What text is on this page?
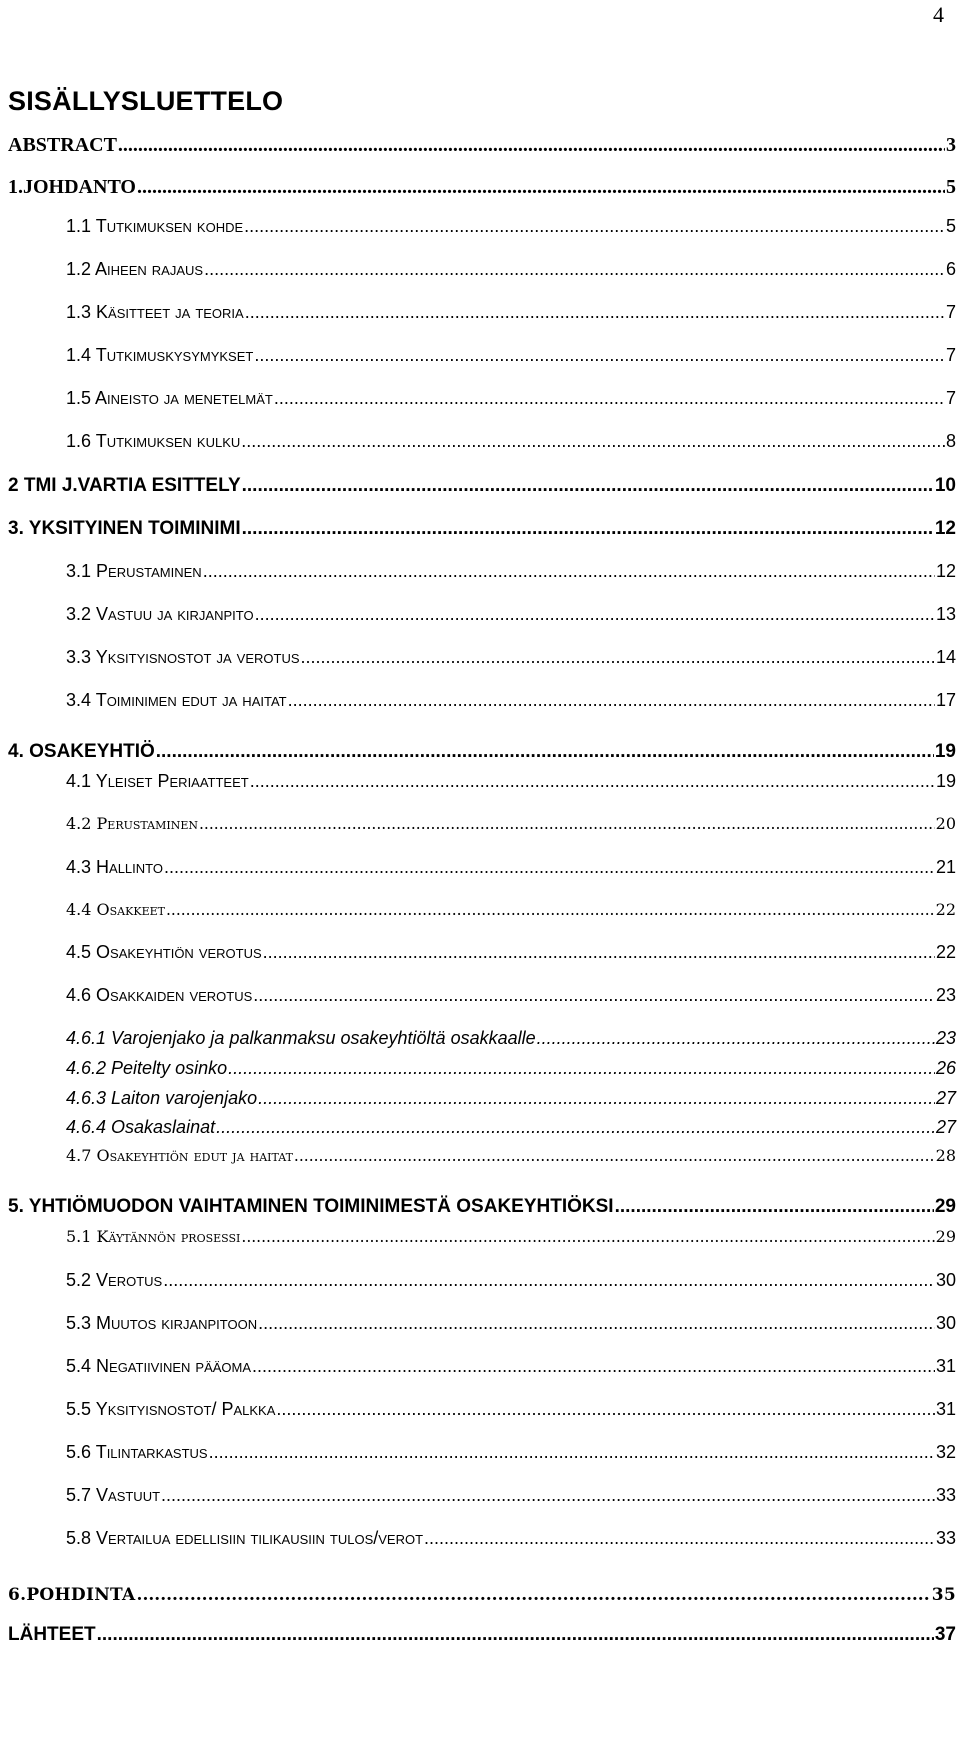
4
SISÄLLYSLUETTELO
ABSTRACT .....	3
1.JOHDANTO .....	5
1.1 Tutkimuksen kohde .....	5
1.2 Aiheen rajaus .....	6
1.3 Käsitteet ja teoria .....	7
1.4 Tutkimuskysymykset .....	7
1.5 Aineisto ja menetelmät .....	7
1.6 Tutkimuksen kulku .....	8
2 TMI J.VARTIA ESITTELY .....	10
3. YKSITYINEN TOIMINIMI .....	12
3.1 Perustaminen .....	12
3.2 Vastuu ja kirjanpito .....	13
3.3 Yksityisnostot ja verotus .....	14
3.4 Toiminimen edut ja haitat .....	17
4. OSAKEYHTIÖ .....	19
4.1 Yleiset Periaatteet .....	19
4.2 Perustaminen .....	20
4.3 Hallinto .....	21
4.4 Osakkeet .....	22
4.5 Osakeyhtiön verotus .....	22
4.6 Osakkaiden verotus .....	23
4.6.1 Varojenjako ja palkanmaksu osakeyhtiöltä osakkaalle .....	23
4.6.2 Peitelty osinko .....	26
4.6.3 Laiton varojenjako .....	27
4.6.4 Osakaslainat .....	27
4.7 Osakeyhtiön edut ja haitat .....	28
5. YHTIÖMUODON VAIHTAMINEN TOIMINIMESTÄ OSAKEYHTIÖKSI .....	29
5.1 Käytännön prosessi .....	29
5.2 Verotus .....	30
5.3 Muutos kirjanpitoon .....	30
5.4 Negatiivinen pääoma .....	31
5.5 Yksityisnostot/ Palkka .....	31
5.6 Tilintarkastus .....	32
5.7 Vastuut .....	33
5.8 Vertailua edellisiin tilikausiin tulos/verot .....	33
6.POHDINTA .....	35
LÄHTEET .....	37
